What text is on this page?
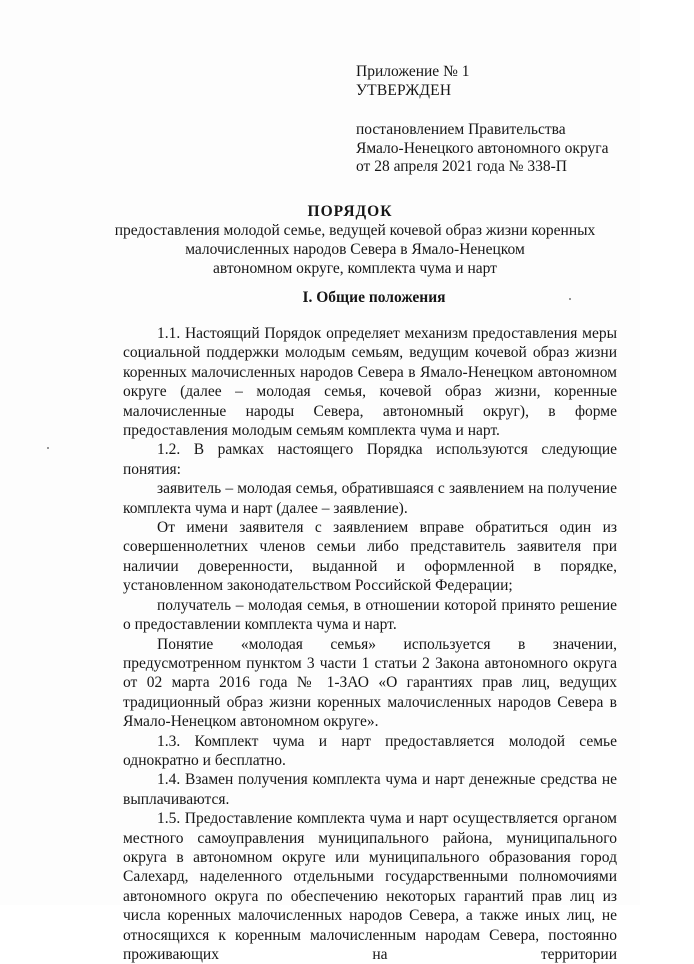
Приложение № 1
УТВЕРЖДЕН
постановлением Правительства
Ямало-Ненецкого автономного округа
от 28 апреля 2021 года № 338-П
ПОРЯДОК
предоставления молодой семье, ведущей кочевой образ жизни коренных
малочисленных народов Севера в Ямало-Ненецком
автономном округе, комплекта чума и нарт
I. Общие положения

1.1. Настоящий Порядок определяет механизм предоставления меры социальной поддержки молодым семьям, ведущим кочевой образ жизни коренных малочисленных народов Севера в Ямало-Ненецком автономном округе (далее – молодая семья, кочевой образ жизни, коренные малочисленные народы Севера, автономный округ), в форме предоставления молодым семьям комплекта чума и нарт.

1.2. В рамках настоящего Порядка используются следующие понятия:

заявитель – молодая семья, обратившаяся с заявлением на получение комплекта чума и нарт (далее – заявление).

От имени заявителя с заявлением вправе обратиться один из совершеннолетних членов семьи либо представитель заявителя при наличии доверенности, выданной и оформленной в порядке, установленном законодательством Российской Федерации;

получатель – молодая семья, в отношении которой принято решение о предоставлении комплекта чума и нарт.

Понятие «молодая семья» используется в значении, предусмотренном пунктом 3 части 1 статьи 2 Закона автономного округа от 02 марта 2016 года № 1-ЗАО «О гарантиях прав лиц, ведущих традиционный образ жизни коренных малочисленных народов Севера в Ямало-Ненецком автономном округе».

1.3. Комплект чума и нарт предоставляется молодой семье однократно и бесплатно.

1.4. Взамен получения комплекта чума и нарт денежные средства не выплачиваются.

1.5. Предоставление комплекта чума и нарт осуществляется органом местного самоуправления муниципального района, муниципального округа в автономном округе или муниципального образования город Салехард, наделенного отдельными государственными полномочиями автономного округа по обеспечению некоторых гарантий прав лиц из числа коренных малочисленных народов Севера, а также иных лиц, не относящихся к коренным малочисленным народам Севера, постоянно проживающих на территории
